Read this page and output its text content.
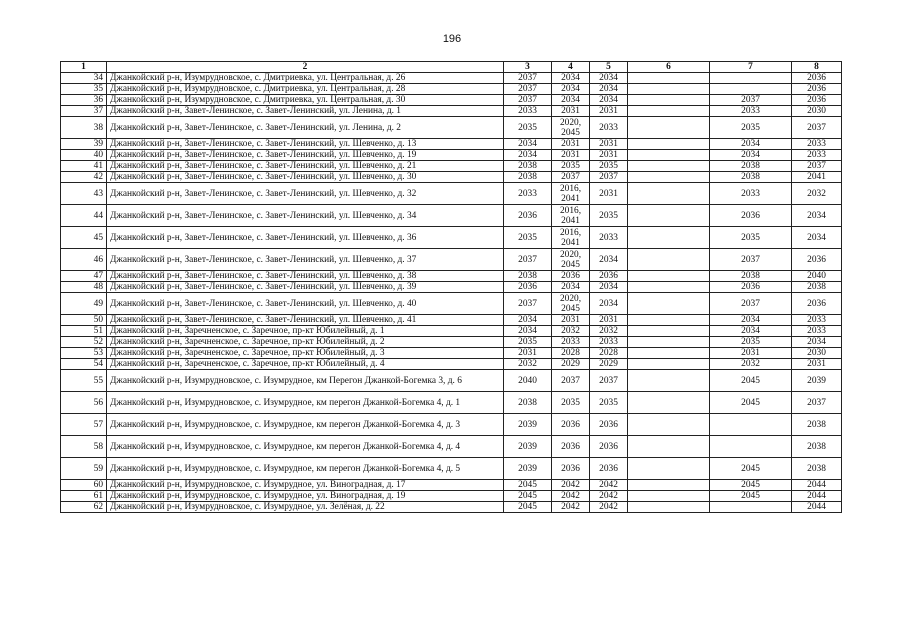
196
1	2	3	4	5	6	7	8
34	Джанкойский р-н, Изумрудновское, с. Дмитриевка, ул. Центральная, д. 26	2037	2034	2034			2036
35	Джанкойский р-н, Изумрудновское, с. Дмитриевка, ул. Центральная, д. 28	2037	2034	2034			2036
36	Джанкойский р-н, Изумрудновское, с. Дмитриевка, ул. Центральная, д. 30	2037	2034	2034		2037	2036
37	Джанкойский р-н, Завет-Ленинское, с. Завет-Ленинский, ул. Ленина, д. 1	2033	2031	2031		2033	2030
38	Джанкойский р-н, Завет-Ленинское, с. Завет-Ленинский, ул. Ленина, д. 2	2035	2020, 2045	2033		2035	2037
39	Джанкойский р-н, Завет-Ленинское, с. Завет-Ленинский, ул. Шевченко, д. 13	2034	2031	2031		2034	2033
40	Джанкойский р-н, Завет-Ленинское, с. Завет-Ленинский, ул. Шевченко, д. 19	2034	2031	2031		2034	2033
41	Джанкойский р-н, Завет-Ленинское, с. Завет-Ленинский, ул. Шевченко, д. 21	2038	2035	2035		2038	2037
42	Джанкойский р-н, Завет-Ленинское, с. Завет-Ленинский, ул. Шевченко, д. 30	2038	2037	2037		2038	2041
43	Джанкойский р-н, Завет-Ленинское, с. Завет-Ленинский, ул. Шевченко, д. 32	2033	2016, 2041	2031		2033	2032
44	Джанкойский р-н, Завет-Ленинское, с. Завет-Ленинский, ул. Шевченко, д. 34	2036	2016, 2041	2035		2036	2034
45	Джанкойский р-н, Завет-Ленинское, с. Завет-Ленинский, ул. Шевченко, д. 36	2035	2016, 2041	2033		2035	2034
46	Джанкойский р-н, Завет-Ленинское, с. Завет-Ленинский, ул. Шевченко, д. 37	2037	2020, 2045	2034		2037	2036
47	Джанкойский р-н, Завет-Ленинское, с. Завет-Ленинский, ул. Шевченко, д. 38	2038	2036	2036		2038	2040
48	Джанкойский р-н, Завет-Ленинское, с. Завет-Ленинский, ул. Шевченко, д. 39	2036	2034	2034		2036	2038
49	Джанкойский р-н, Завет-Ленинское, с. Завет-Ленинский, ул. Шевченко, д. 40	2037	2020, 2045	2034		2037	2036
50	Джанкойский р-н, Завет-Ленинское, с. Завет-Ленинский, ул. Шевченко, д. 41	2034	2031	2031		2034	2033
51	Джанкойский р-н, Заречненское, с. Заречное, пр-кт Юбилейный, д. 1	2034	2032	2032		2034	2033
52	Джанкойский р-н, Заречненское, с. Заречное, пр-кт Юбилейный, д. 2	2035	2033	2033		2035	2034
53	Джанкойский р-н, Заречненское, с. Заречное, пр-кт Юбилейный, д. 3	2031	2028	2028		2031	2030
54	Джанкойский р-н, Заречненское, с. Заречное, пр-кт Юбилейный, д. 4	2032	2029	2029		2032	2031
55	Джанкойский р-н, Изумрудновское, с. Изумрудное, км Перегон Джанкой-Богемка 3, д. 6	2040	2037	2037		2045	2039
56	Джанкойский р-н, Изумрудновское, с. Изумрудное, км перегон Джанкой-Богемка 4, д. 1	2038	2035	2035		2045	2037
57	Джанкойский р-н, Изумрудновское, с. Изумрудное, км перегон Джанкой-Богемка 4, д. 3	2039	2036	2036			2038
58	Джанкойский р-н, Изумрудновское, с. Изумрудное, км перегон Джанкой-Богемка 4, д. 4	2039	2036	2036			2038
59	Джанкойский р-н, Изумрудновское, с. Изумрудное, км перегон Джанкой-Богемка 4, д. 5	2039	2036	2036		2045	2038
60	Джанкойский р-н, Изумрудновское, с. Изумрудное, ул. Виноградная, д. 17	2045	2042	2042		2045	2044
61	Джанкойский р-н, Изумрудновское, с. Изумрудное, ул. Виноградная, д. 19	2045	2042	2042		2045	2044
62	Джанкойский р-н, Изумрудновское, с. Изумрудное, ул. Зелёная, д. 22	2045	2042	2042			2044
